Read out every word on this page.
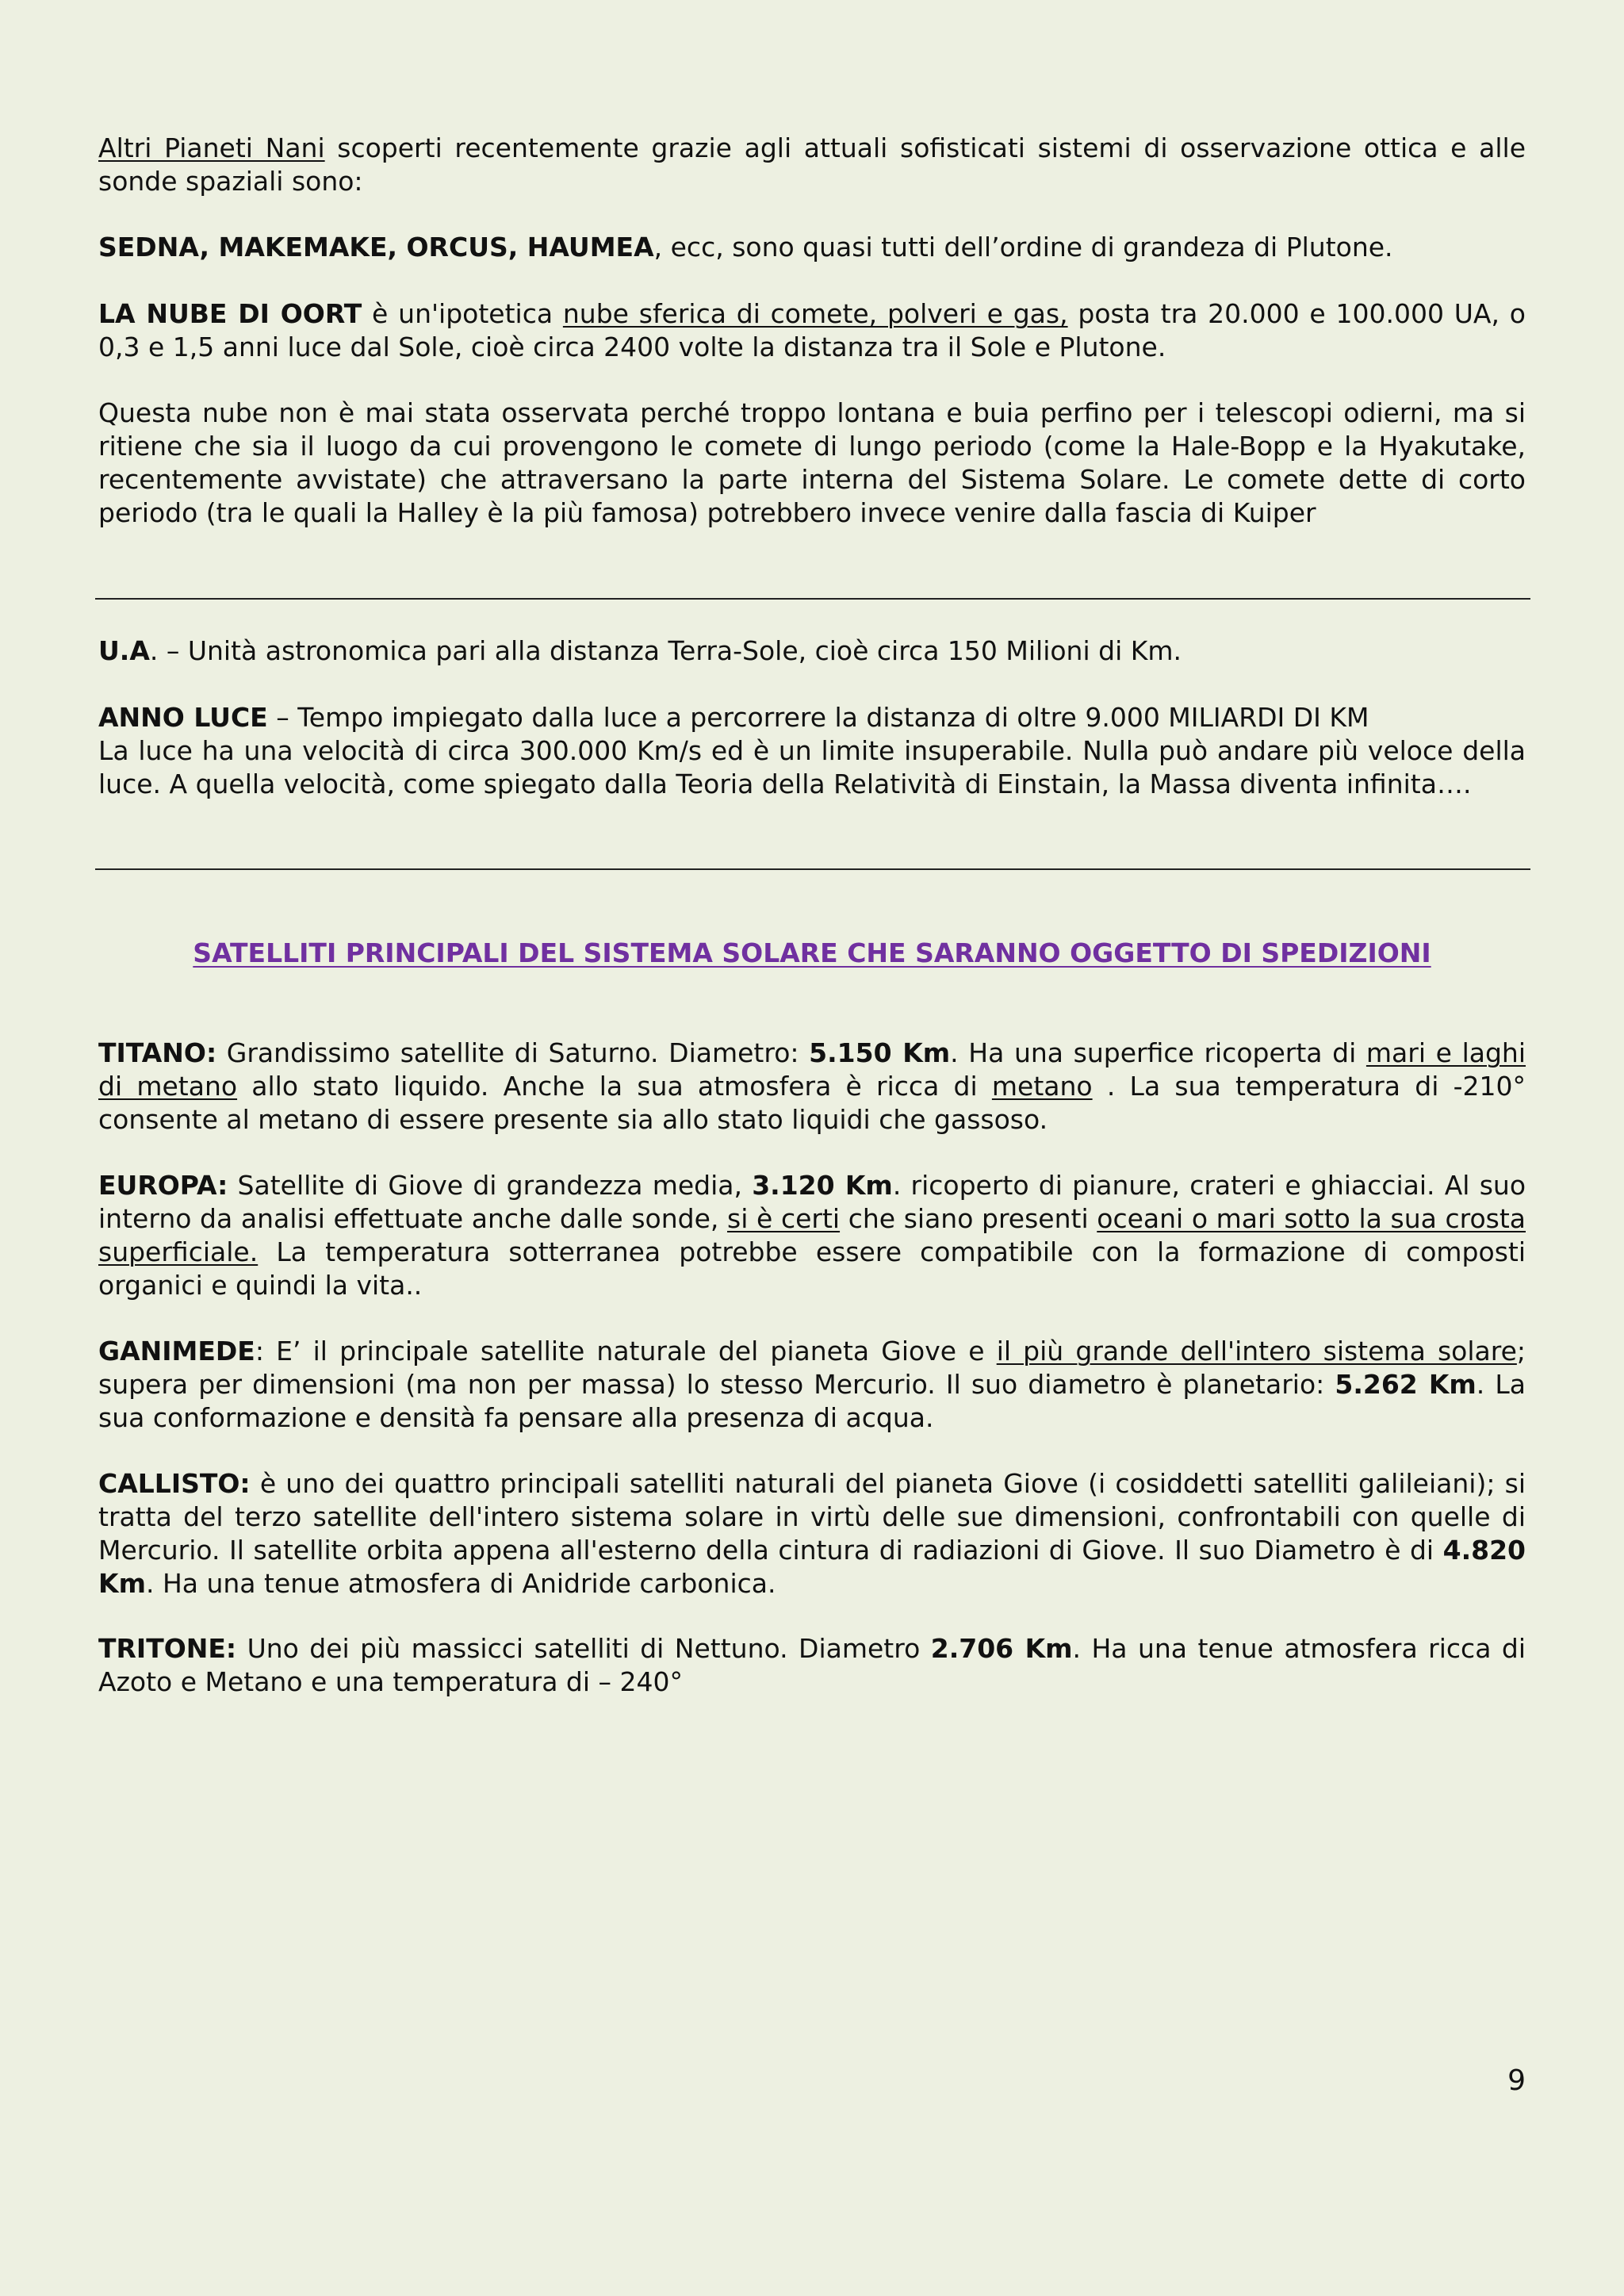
Altri Pianeti Nani scoperti recentemente grazie agli attuali sofisticati sistemi di osservazione ottica e alle sonde spaziali sono:

SEDNA, MAKEMAKE, ORCUS, HAUMEA, ecc, sono quasi tutti dell’ordine di grandeza di Plutone.

LA NUBE DI OORT è un'ipotetica nube sferica di comete, polveri e gas, posta tra 20.000 e 100.000 UA, o 0,3 e 1,5 anni luce dal Sole, cioè circa 2400 volte la distanza tra il Sole e Plutone.

Questa nube non è mai stata osservata perché troppo lontana e buia perfino per i telescopi odierni, ma si ritiene che sia il luogo da cui provengono le comete di lungo periodo (come la Hale-Bopp e la Hyakutake, recentemente avvistate) che attraversano la parte interna del Sistema Solare. Le comete dette di corto periodo (tra le quali la Halley è la più famosa) potrebbero invece venire dalla fascia di Kuiper

U.A. – Unità astronomica pari alla distanza Terra-Sole, cioè circa 150 Milioni di Km.

ANNO LUCE – Tempo impiegato dalla luce a percorrere la distanza di oltre 9.000 MILIARDI DI KM
La luce ha una velocità di circa 300.000 Km/s ed è un limite insuperabile. Nulla può andare più veloce della luce. A quella velocità, come spiegato dalla Teoria della Relatività di Einstain, la Massa diventa infinita….

SATELLITI PRINCIPALI DEL SISTEMA SOLARE CHE SARANNO OGGETTO DI SPEDIZIONI

TITANO: Grandissimo satellite di Saturno. Diametro: 5.150 Km. Ha una superfice ricoperta di mari e laghi di metano allo stato liquido. Anche la sua atmosfera è ricca di metano . La sua temperatura di -210° consente al metano di essere presente sia allo stato liquidi che gassoso.

EUROPA: Satellite di Giove di grandezza media, 3.120 Km. ricoperto di pianure, crateri e ghiacciai. Al suo interno da analisi effettuate anche dalle sonde, si è certi che siano presenti oceani o mari sotto la sua crosta superficiale. La temperatura sotterranea potrebbe essere compatibile con la formazione di composti organici e quindi la vita..

GANIMEDE: E’ il principale satellite naturale del pianeta Giove e il più grande dell'intero sistema solare; supera per dimensioni (ma non per massa) lo stesso Mercurio. Il suo diametro è planetario: 5.262 Km. La sua conformazione e densità fa pensare alla presenza di acqua.

CALLISTO: è uno dei quattro principali satelliti naturali del pianeta Giove (i cosiddetti satelliti galileiani); si tratta del terzo satellite dell'intero sistema solare in virtù delle sue dimensioni, confrontabili con quelle di Mercurio. Il satellite orbita appena all'esterno della cintura di radiazioni di Giove. Il suo Diametro è di 4.820 Km. Ha una tenue atmosfera di Anidride carbonica.

TRITONE: Uno dei più massicci satelliti di Nettuno. Diametro 2.706 Km. Ha una tenue atmosfera ricca di Azoto e Metano e una temperatura di – 240°

9
